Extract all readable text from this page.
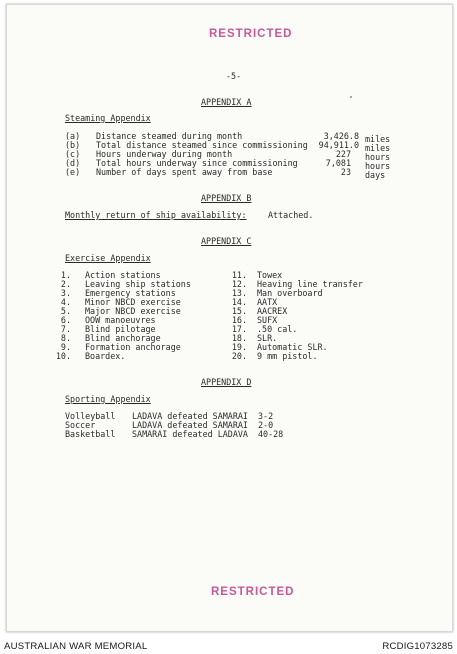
RESTRICTED
-5-
APPENDIX A
Steaming Appendix
(a) Distance steamed during month	3,426.8 miles
(b) Total distance steamed since commissioning	94,911.0 miles
(c) Hours underway during month	227 hours
(d) Total hours underway since commissioning	7,081 hours
(e) Number of days spent away from base	23 days
APPENDIX B
Monthly return of ship availability:	Attached.
APPENDIX C
Exercise Appendix
1. Action stations
2. Leaving ship stations
3. Emergency stations
4. Minor NBCD exercise
5. Major NBCD exercise
6. OOW manoeuvres
7. Blind pilotage
8. Blind anchorage
9. Formation anchorage
10. Boardex.
11. Towex
12. Heaving line transfer
13. Man overboard
14. AATX
15. AACREX
16. SUFX
17. .50 cal.
18. SLR.
19. Automatic SLR.
20. 9 mm pistol.
APPENDIX D
Sporting Appendix
Volleyball LADAVA defeated SAMARAI 3-2
Soccer	LADAVA defeated SAMARAI 2-0
Basketball SAMARAI defeated LADAVA 40-28
RESTRICTED
AUSTRALIAN WAR MEMORIAL	RCDIG1073285
